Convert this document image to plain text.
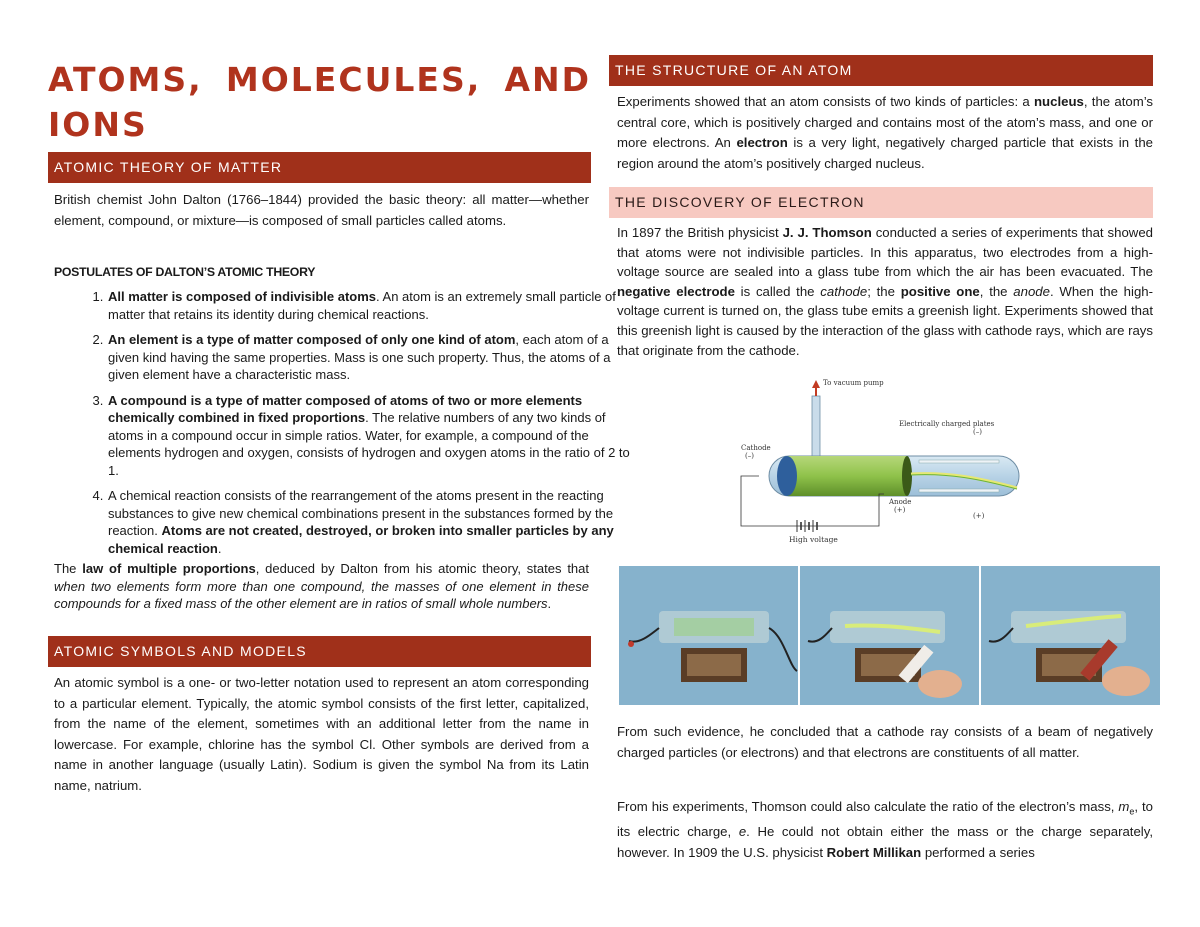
ATOMS, MOLECULES, AND IONS
ATOMIC THEORY OF MATTER

British chemist John Dalton (1766–1844) provided the basic theory: all matter—whether element, compound, or mixture—is composed of small particles called atoms.

POSTULATES OF DALTON’S ATOMIC THEORY
1. All matter is composed of indivisible atoms. An atom is an extremely small particle of matter that retains its identity during chemical reactions.
2. An element is a type of matter composed of only one kind of atom, each atom of a given kind having the same properties. Mass is one such property. Thus, the atoms of a given element have a characteristic mass.
3. A compound is a type of matter composed of atoms of two or more elements chemically combined in fixed proportions. The relative numbers of any two kinds of atoms in a compound occur in simple ratios. Water, for example, a compound of the elements hydrogen and oxygen, consists of hydrogen and oxygen atoms in the ratio of 2 to 1.
4. A chemical reaction consists of the rearrangement of the atoms present in the reacting substances to give new chemical combinations present in the substances formed by the reaction. Atoms are not created, destroyed, or broken into smaller particles by any chemical reaction.

The law of multiple proportions, deduced by Dalton from his atomic theory, states that when two elements form more than one compound, the masses of one element in these compounds for a fixed mass of the other element are in ratios of small whole numbers.

ATOMIC SYMBOLS AND MODELS

An atomic symbol is a one- or two-letter notation used to represent an atom corresponding to a particular element. Typically, the atomic symbol consists of the first letter, capitalized, from the name of the element, sometimes with an additional letter from the name in lowercase. For example, chlorine has the symbol Cl. Other symbols are derived from a name in another language (usually Latin). Sodium is given the symbol Na from its Latin name, natrium.

THE STRUCTURE OF AN ATOM

Experiments showed that an atom consists of two kinds of particles: a nucleus, the atom’s central core, which is positively charged and contains most of the atom’s mass, and one or more electrons. An electron is a very light, negatively charged particle that exists in the region around the atom’s positively charged nucleus.

THE DISCOVERY OF ELECTRON

In 1897 the British physicist J. J. Thomson conducted a series of experiments that showed that atoms were not indivisible particles. In this apparatus, two electrodes from a high-voltage source are sealed into a glass tube from which the air has been evacuated. The negative electrode is called the cathode; the positive one, the anode. When the high-voltage current is turned on, the glass tube emits a greenish light. Experiments showed that this greenish light is caused by the interaction of the glass with cathode rays, which are rays that originate from the cathode.

To vacuum pump
Electrically charged plates
(–)
(+)
Cathode
(–)
Anode
(+)
High voltage

From such evidence, he concluded that a cathode ray consists of a beam of negatively charged particles (or electrons) and that electrons are constituents of all matter.

From his experiments, Thomson could also calculate the ratio of the electron’s mass, $m_e$, to its electric charge, e. He could not obtain either the mass or the charge separately, however. In 1909 the U.S. physicist Robert Millikan performed a series
